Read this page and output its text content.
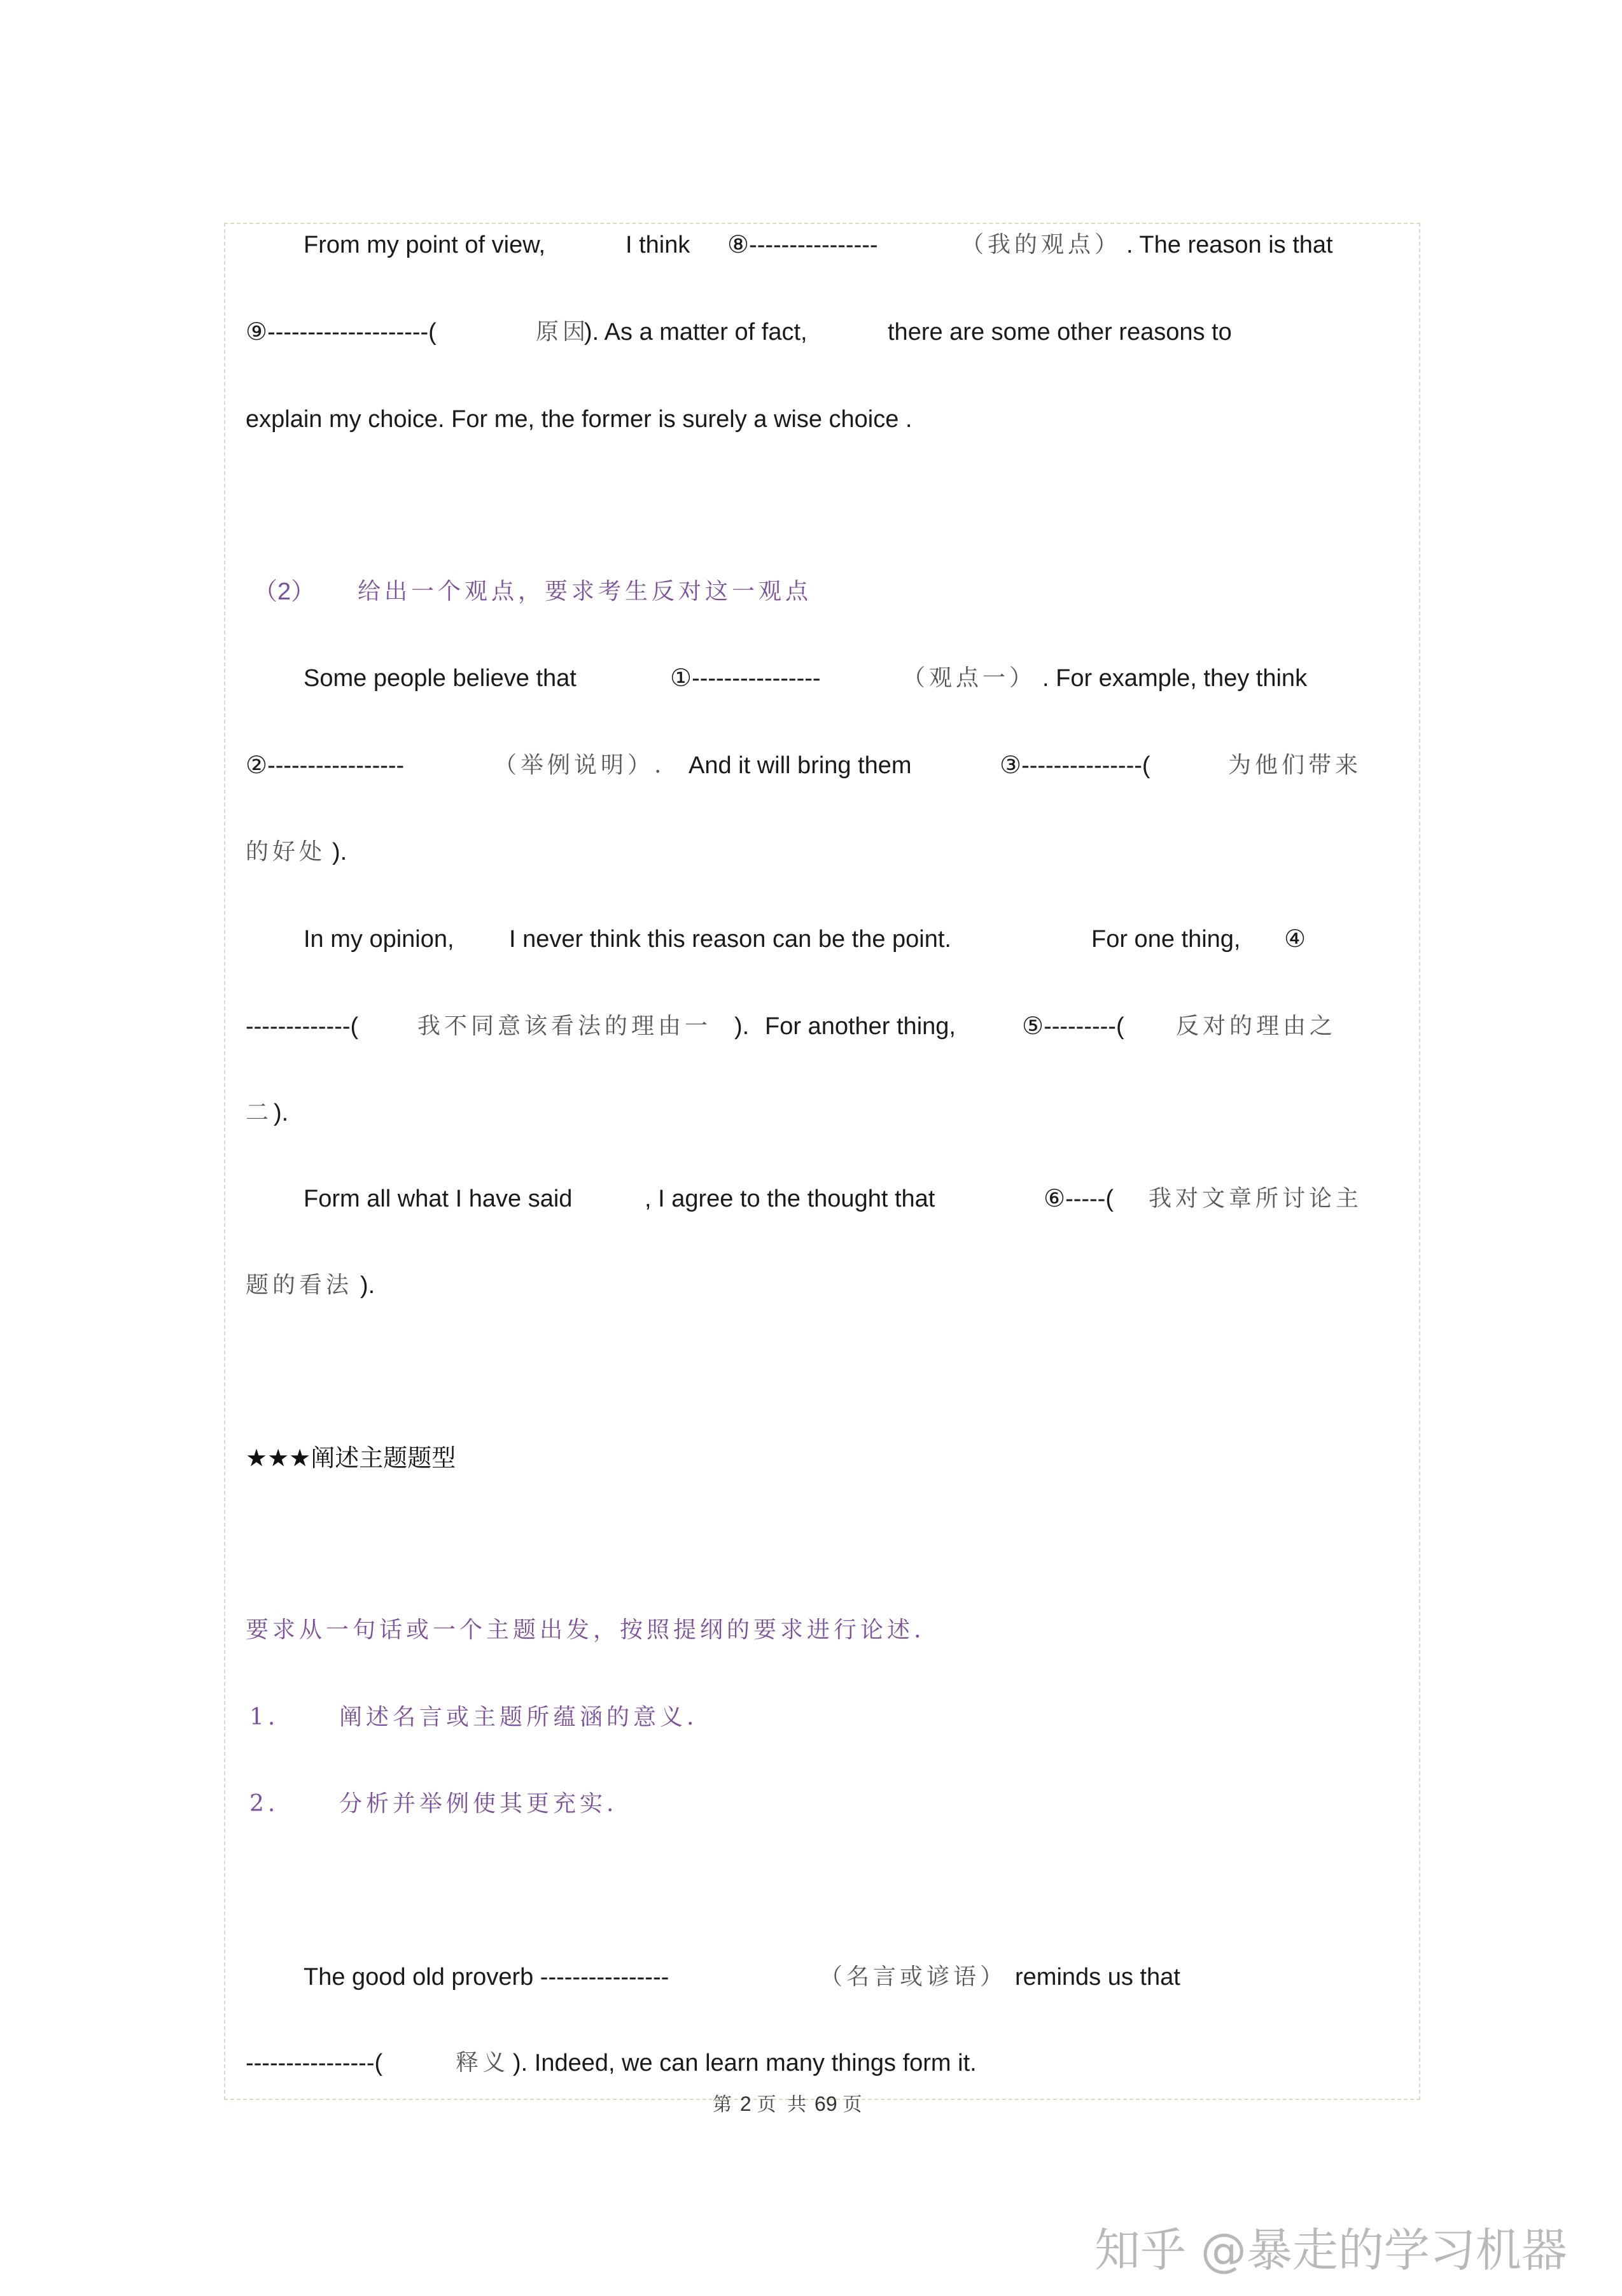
From my point of view,	I think ⑧----------------	（我的观点） . The reason is that
⑨--------------------(	原因
). As a matter of fact,	there are some other reasons to
explain my choice. For me, the former is surely a wise choice .
（2） 给出一个观点，要求考生反对这一观点
Some people believe that	①----------------	（观点一） . For example, they think
②-----------------	（举例说明）. And it will bring them	③---------------(	为他们带来
的好处 ).
In my opinion, I never think this reason can be the point.	For one thing, ④
-------------(	我不同意该看法的理由一 ). For another thing,	⑤---------( 反对的理由之
二 ).
Form all what I have said	, I agree to the thought that	⑥-----( 我对文章所讨论主
题的看法 ).
★★★阐述主题题型
要求从一句话或一个主题出发，按照提纲的要求进行论述.
1.	阐述名言或主题所蕴涵的意义.
2.	分析并举例使其更充实.
The good old proverb ----------------	（名言或谚语） reminds us that
----------------(	释义 ). Indeed, we can learn many things form it.
第 2 页 共 69 页
知乎 @暴走的学习机器
